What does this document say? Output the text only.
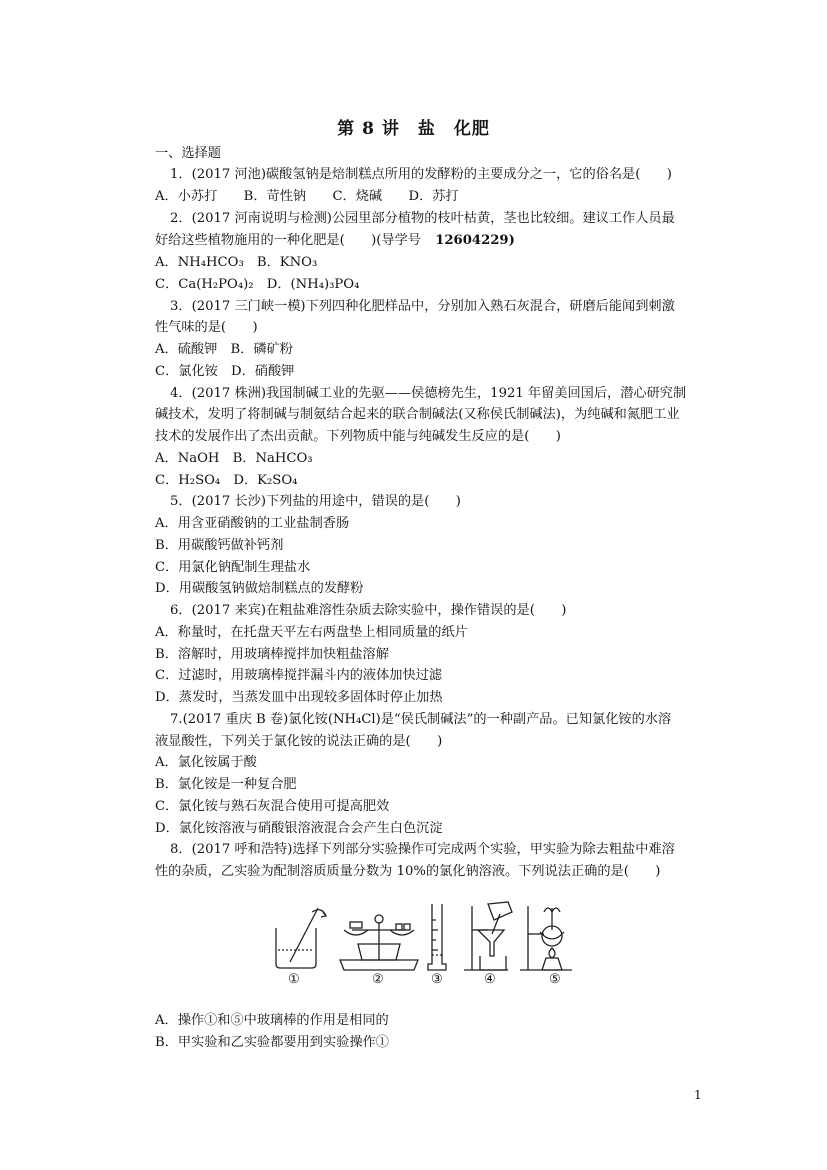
第 8 讲　盐　化肥
一、选择题
1．(2017 河池)碳酸氢钠是焙制糕点所用的发酵粉的主要成分之一，它的俗名是(　　)
A．小苏打　　B．苛性钠　　C．烧碱　　D．苏打
2．(2017 河南说明与检测)公园里部分植物的枝叶枯黄，茎也比较细。建议工作人员最
好给这些植物施用的一种化肥是(　　)(导学号 12604229)
A．NH₄HCO₃　B．KNO₃
C．Ca(H₂PO₄)₂　D．(NH₄)₃PO₄
3．(2017 三门峡一模)下列四种化肥样品中，分别加入熟石灰混合，研磨后能闻到刺激
性气味的是(　　)
A．硫酸钾　B．磷矿粉
C．氯化铵　D．硝酸钾
4．(2017 株洲)我国制碱工业的先驱——侯德榜先生，1921 年留美回国后，潜心研究制
碱技术，发明了将制碱与制氨结合起来的联合制碱法(又称侯氏制碱法)，为纯碱和氮肥工业
技术的发展作出了杰出贡献。下列物质中能与纯碱发生反应的是(　　)
A．NaOH　B．NaHCO₃
C．H₂SO₄　D．K₂SO₄
5．(2017 长沙)下列盐的用途中，错误的是(　　)
A．用含亚硝酸钠的工业盐制香肠
B．用碳酸钙做补钙剂
C．用氯化钠配制生理盐水
D．用碳酸氢钠做焙制糕点的发酵粉
6．(2017 来宾)在粗盐难溶性杂质去除实验中，操作错误的是(　　)
A．称量时，在托盘天平左右两盘垫上相同质量的纸片
B．溶解时，用玻璃棒搅拌加快粗盐溶解
C．过滤时，用玻璃棒搅拌漏斗内的液体加快过滤
D．蒸发时，当蒸发皿中出现较多固体时停止加热
7.(2017 重庆 B 卷)氯化铵(NH₄Cl)是“侯氏制碱法”的一种副产品。已知氯化铵的水溶
液显酸性，下列关于氯化铵的说法正确的是(　　)
A．氯化铵属于酸
B．氯化铵是一种复合肥
C．氯化铵与熟石灰混合使用可提高肥效
D．氯化铵溶液与硝酸银溶液混合会产生白色沉淀
8．(2017 呼和浩特)选择下列部分实验操作可完成两个实验，甲实验为除去粗盐中难溶
性的杂质，乙实验为配制溶质质量分数为 10%的氯化钠溶液。下列说法正确的是(　　)
①	②	③	④	⑤
A．操作①和⑤中玻璃棒的作用是相同的
B．甲实验和乙实验都要用到实验操作①
1
